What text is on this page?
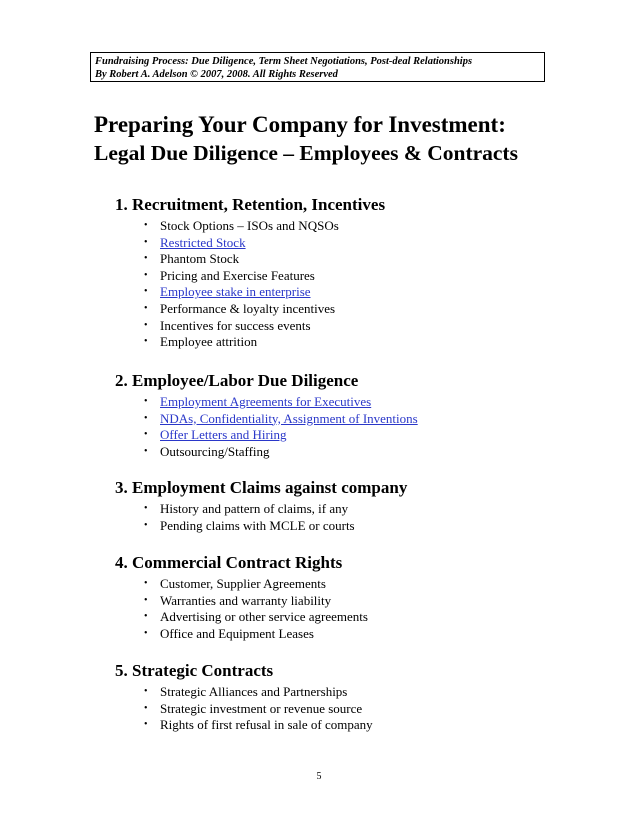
Fundraising Process: Due Diligence, Term Sheet Negotiations, Post-deal Relationships
By Robert A. Adelson © 2007, 2008. All Rights Reserved
Preparing Your Company for Investment:
Legal Due Diligence – Employees & Contracts
1. Recruitment, Retention, Incentives
• Stock Options – ISOs and NQSOs
• Restricted Stock
• Phantom Stock
• Pricing and Exercise Features
• Employee stake in enterprise
• Performance & loyalty incentives
• Incentives for success events
• Employee attrition
2. Employee/Labor Due Diligence
• Employment Agreements for Executives
• NDAs, Confidentiality, Assignment of Inventions
• Offer Letters and Hiring
• Outsourcing/Staffing
3. Employment Claims against company
• History and pattern of claims, if any
• Pending claims with MCLE or courts
4. Commercial Contract Rights
• Customer, Supplier Agreements
• Warranties and warranty liability
• Advertising or other service agreements
• Office and Equipment Leases
5. Strategic Contracts
• Strategic Alliances and Partnerships
• Strategic investment or revenue source
• Rights of first refusal in sale of company
5
